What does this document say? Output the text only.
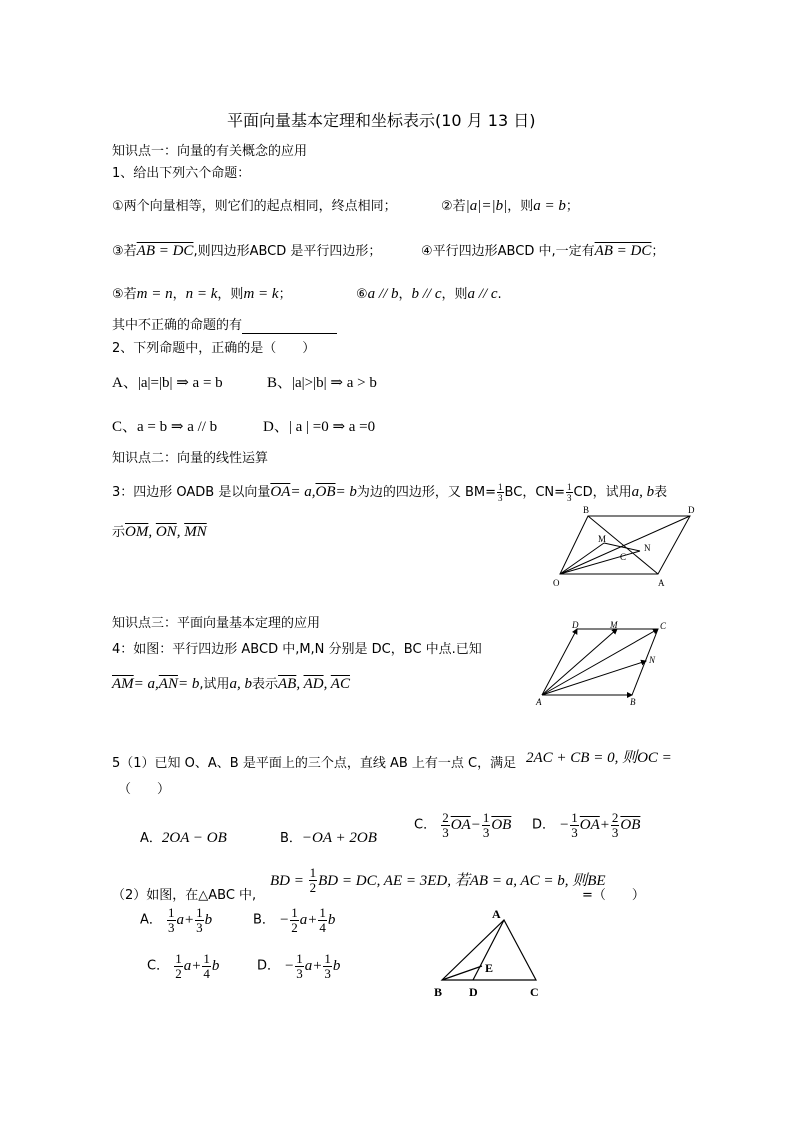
平面向量基本定理和坐标表示(10 月 13 日)
知识点一：向量的有关概念的应用
1、给出下列六个命题：
①两个向量相等，则它们的起点相同，终点相同；	②若|a|=|b|，则a = b；
③若AB = DC,则四边形ABCD 是平行四边形；	④平行四边形ABCD 中,一定有AB = DC；
⑤若m = n，n = k，则m = k；	⑥a // b，b // c，则a // c.
其中不正确的命题的有
2、下列命题中，正确的是（　　）
A、|a|=|b| ⇒ a = b	B、|a|>|b| ⇒ a > b
C、a = b ⇒ a // b	D、| a | =0 ⇒ a =0
知识点二：向量的线性运算
3：四边形 OADB 是以向量$\overline{OA}= a,\overline{OB}= b$为边的四边形，又 $BM= \frac{1}{3}$ BC，$CN= \frac{1}{3}$ CD，试用a, b表
示$\overline{OM}$, $\overline{ON}$, $\overline{MN}$
O	A
B	D
M
N
C
知识点三：平面向量基本定理的应用
4：如图：平行四边形 ABCD 中,M,N 分别是 DC，BC 中点.已知
$\overline{AM}= a,\overline{AN}= b$,试用a, b表示$\overline{AB}$, $\overline{AD}$, $\overline{AC}$
A	B
C
D	M
N
5（1）已知 O、A、B 是平面上的三个点，直线 AB 上有一点 C，满足 2AC + CB = 0, 则OC =
（　　）
A．2OA − OB	B．−OA + 2OB
C． $\frac{2}{3} \overline{OA}- \frac{1}{3} \overline{OB}$ D． − $\frac{1}{3} \overline{OA}+ \frac{2}{3} \overline{OB}$
（2）如图，在△ABC 中,
BD = $\frac{1}{2}$ BD = DC, AE = 3ED, 若AB = a, AC = b, 则BE
=（　　）
A． $\frac{1}{3} a+ \frac{1}{3}$ b	B． − $\frac{1}{2} a+ \frac{1}{4}$ b
C． $\frac{1}{2} a+ \frac{1}{4}$ b	D． − $\frac{1}{3} a+ \frac{1}{3}$ b
A
B	C
D
E
